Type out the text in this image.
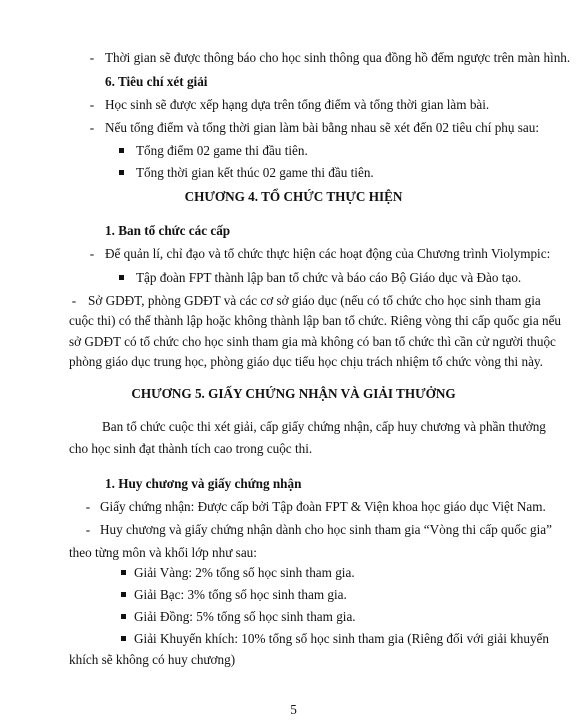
- Thời gian sẽ được thông báo cho học sinh thông qua đồng hồ đếm ngược trên màn hình.
6. Tiêu chí xét giải
- Học sinh sẽ được xếp hạng dựa trên tổng điểm và tổng thời gian làm bài.
- Nếu tổng điểm và tổng thời gian làm bài bằng nhau sẽ xét đến 02 tiêu chí phụ sau:
Tổng điểm 02 game thi đầu tiên.
Tổng thời gian kết thúc 02 game thi đầu tiên.
CHƯƠNG 4. TỔ CHỨC THỰC HIỆN
1. Ban tổ chức các cấp
- Để quản lí, chỉ đạo và tổ chức thực hiện các hoạt động của Chương trình Violympic:
Tập đoàn FPT thành lập ban tổ chức và báo cáo Bộ Giáo dục và Đào tạo.
- Sở GDĐT, phòng GDĐT và các cơ sở giáo dục (nếu có tổ chức cho học sinh tham gia
cuộc thi) có thể thành lập hoặc không thành lập ban tổ chức. Riêng vòng thi cấp quốc gia nếu
sở GDĐT có tổ chức cho học sinh tham gia mà không có ban tổ chức thì cần cử người thuộc
phòng giáo dục trung học, phòng giáo dục tiểu học chịu trách nhiệm tổ chức vòng thi này.
CHƯƠNG 5. GIẤY CHỨNG NHẬN VÀ GIẢI THƯỞNG
Ban tổ chức cuộc thi xét giải, cấp giấy chứng nhận, cấp huy chương và phần thưởng
cho học sinh đạt thành tích cao trong cuộc thi.
1. Huy chương và giấy chứng nhận
- Giấy chứng nhận: Được cấp bởi Tập đoàn FPT & Viện khoa học giáo dục Việt Nam.
- Huy chương và giấy chứng nhận dành cho học sinh tham gia “Vòng thi cấp quốc gia”
theo từng môn và khối lớp như sau:
Giải Vàng: 2% tổng số học sinh tham gia.
Giải Bạc: 3% tổng số học sinh tham gia.
Giải Đồng: 5% tổng số học sinh tham gia.
Giải Khuyến khích: 10% tổng số học sinh tham gia (Riêng đối với giải khuyến
khích sẽ không có huy chương)
5
